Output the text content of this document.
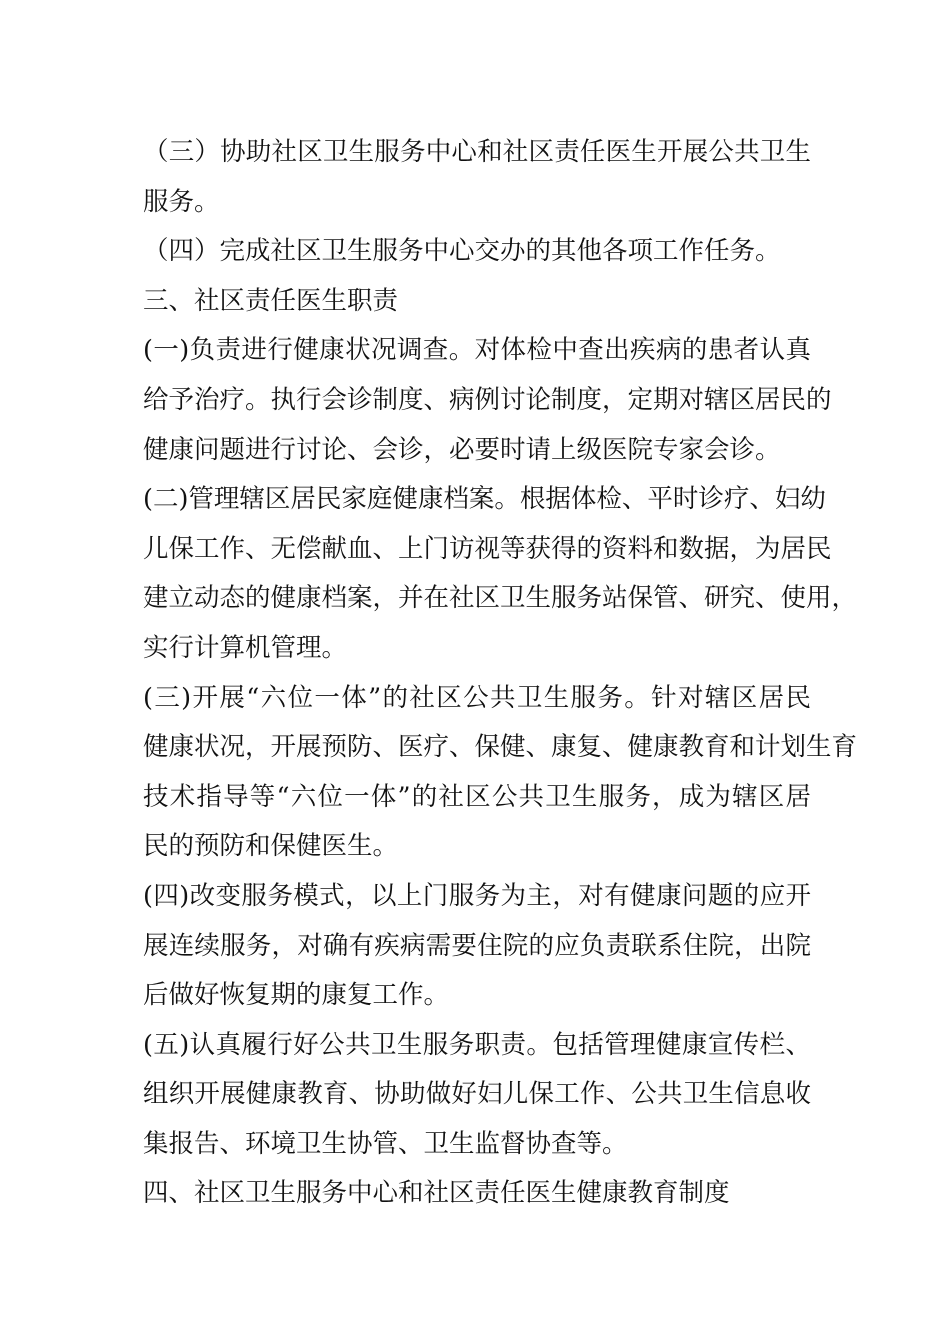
（三）协助社区卫生服务中心和社区责任医生开展公共卫生
服务。
（四）完成社区卫生服务中心交办的其他各项工作任务。
三、社区责任医生职责
(一)负责进行健康状况调查。对体检中查出疾病的患者认真
给予治疗。执行会诊制度、病例讨论制度，定期对辖区居民的
健康问题进行讨论、会诊，必要时请上级医院专家会诊。
(二)管理辖区居民家庭健康档案。根据体检、平时诊疗、妇幼
儿保工作、无偿献血、上门访视等获得的资料和数据，为居民
建立动态的健康档案，并在社区卫生服务站保管、研究、使用，
实行计算机管理。
(三)开展“六位一体”的社区公共卫生服务。针对辖区居民
健康状况，开展预防、医疗、保健、康复、健康教育和计划生育
技术指导等“六位一体”的社区公共卫生服务，成为辖区居
民的预防和保健医生。
(四)改变服务模式，以上门服务为主，对有健康问题的应开
展连续服务，对确有疾病需要住院的应负责联系住院，出院
后做好恢复期的康复工作。
(五)认真履行好公共卫生服务职责。包括管理健康宣传栏、
组织开展健康教育、协助做好妇儿保工作、公共卫生信息收
集报告、环境卫生协管、卫生监督协查等。
四、社区卫生服务中心和社区责任医生健康教育制度
